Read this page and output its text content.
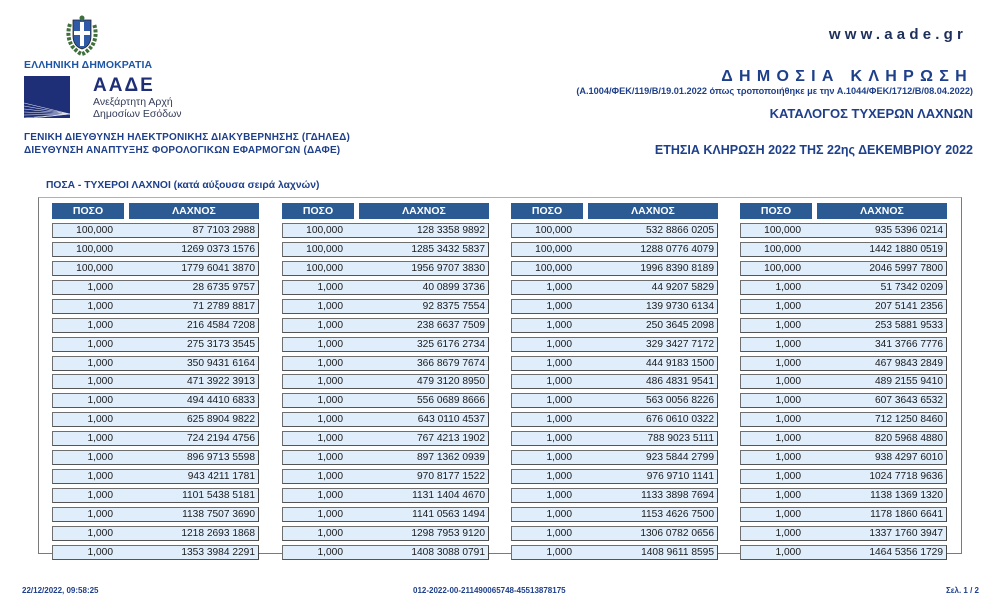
ΕΛΛΗΝΙΚΗ ΔΗΜΟΚΡΑΤΙΑ
ΑΑΔΕ
Ανεξάρτητη Αρχή
Δημοσίων Εσόδων
ΓΕΝΙΚΗ ΔΙΕΥΘΥΝΣΗ ΗΛΕΚΤΡΟΝΙΚΗΣ ΔΙΑΚΥΒΕΡΝΗΣΗΣ (ΓΔΗΛΕΔ)
ΔΙΕΥΘΥΝΣΗ ΑΝΑΠΤΥΞΗΣ ΦΟΡΟΛΟΓΙΚΩΝ ΕΦΑΡΜΟΓΩΝ (ΔΑΦΕ)
www.aade.gr
ΔΗΜΟΣΙΑ ΚΛΗΡΩΣΗ
(Α.1004/ΦΕΚ/119/Β/19.01.2022 όπως τροποποιήθηκε με την Α.1044/ΦΕΚ/1712/Β/08.04.2022)
ΚΑΤΑΛΟΓΟΣ ΤΥΧΕΡΩΝ ΛΑΧΝΩΝ
ΕΤΗΣΙΑ ΚΛΗΡΩΣΗ 2022 ΤΗΣ 22ης ΔΕΚΕΜΒΡΙΟΥ 2022
ΠΟΣΑ - ΤΥΧΕΡΟΙ ΛΑΧΝΟΙ (κατά αύξουσα σειρά λαχνών)
ΠΟΣΟ	ΛΑΧΝΟΣ
100,000	87 7103 2988
100,000	1269 0373 1576
100,000	1779 6041 3870
1,000	28 6735 9757
1,000	71 2789 8817
1,000	216 4584 7208
1,000	275 3173 3545
1,000	350 9431 6164
1,000	471 3922 3913
1,000	494 4410 6833
1,000	625 8904 9822
1,000	724 2194 4756
1,000	896 9713 5598
1,000	943 4211 1781
1,000	1101 5438 5181
1,000	1138 7507 3690
1,000	1218 2693 1868
1,000	1353 3984 2291
ΠΟΣΟ	ΛΑΧΝΟΣ
100,000	128 3358 9892
100,000	1285 3432 5837
100,000	1956 9707 3830
1,000	40 0899 3736
1,000	92 8375 7554
1,000	238 6637 7509
1,000	325 6176 2734
1,000	366 8679 7674
1,000	479 3120 8950
1,000	556 0689 8666
1,000	643 0110 4537
1,000	767 4213 1902
1,000	897 1362 0939
1,000	970 8177 1522
1,000	1131 1404 4670
1,000	1141 0563 1494
1,000	1298 7953 9120
1,000	1408 3088 0791
ΠΟΣΟ	ΛΑΧΝΟΣ
100,000	532 8866 0205
100,000	1288 0776 4079
100,000	1996 8390 8189
1,000	44 9207 5829
1,000	139 9730 6134
1,000	250 3645 2098
1,000	329 3427 7172
1,000	444 9183 1500
1,000	486 4831 9541
1,000	563 0056 8226
1,000	676 0610 0322
1,000	788 9023 5111
1,000	923 5844 2799
1,000	976 9710 1141
1,000	1133 3898 7694
1,000	1153 4626 7500
1,000	1306 0782 0656
1,000	1408 9611 8595
ΠΟΣΟ	ΛΑΧΝΟΣ
100,000	935 5396 0214
100,000	1442 1880 0519
100,000	2046 5997 7800
1,000	51 7342 0209
1,000	207 5141 2356
1,000	253 5881 9533
1,000	341 3766 7776
1,000	467 9843 2849
1,000	489 2155 9410
1,000	607 3643 6532
1,000	712 1250 8460
1,000	820 5968 4880
1,000	938 4297 6010
1,000	1024 7718 9636
1,000	1138 1369 1320
1,000	1178 1860 6641
1,000	1337 1760 3947
1,000	1464 5356 1729
22/12/2022, 09:58:25	012-2022-00-211490065748-45513878175	Σελ. 1 / 2
